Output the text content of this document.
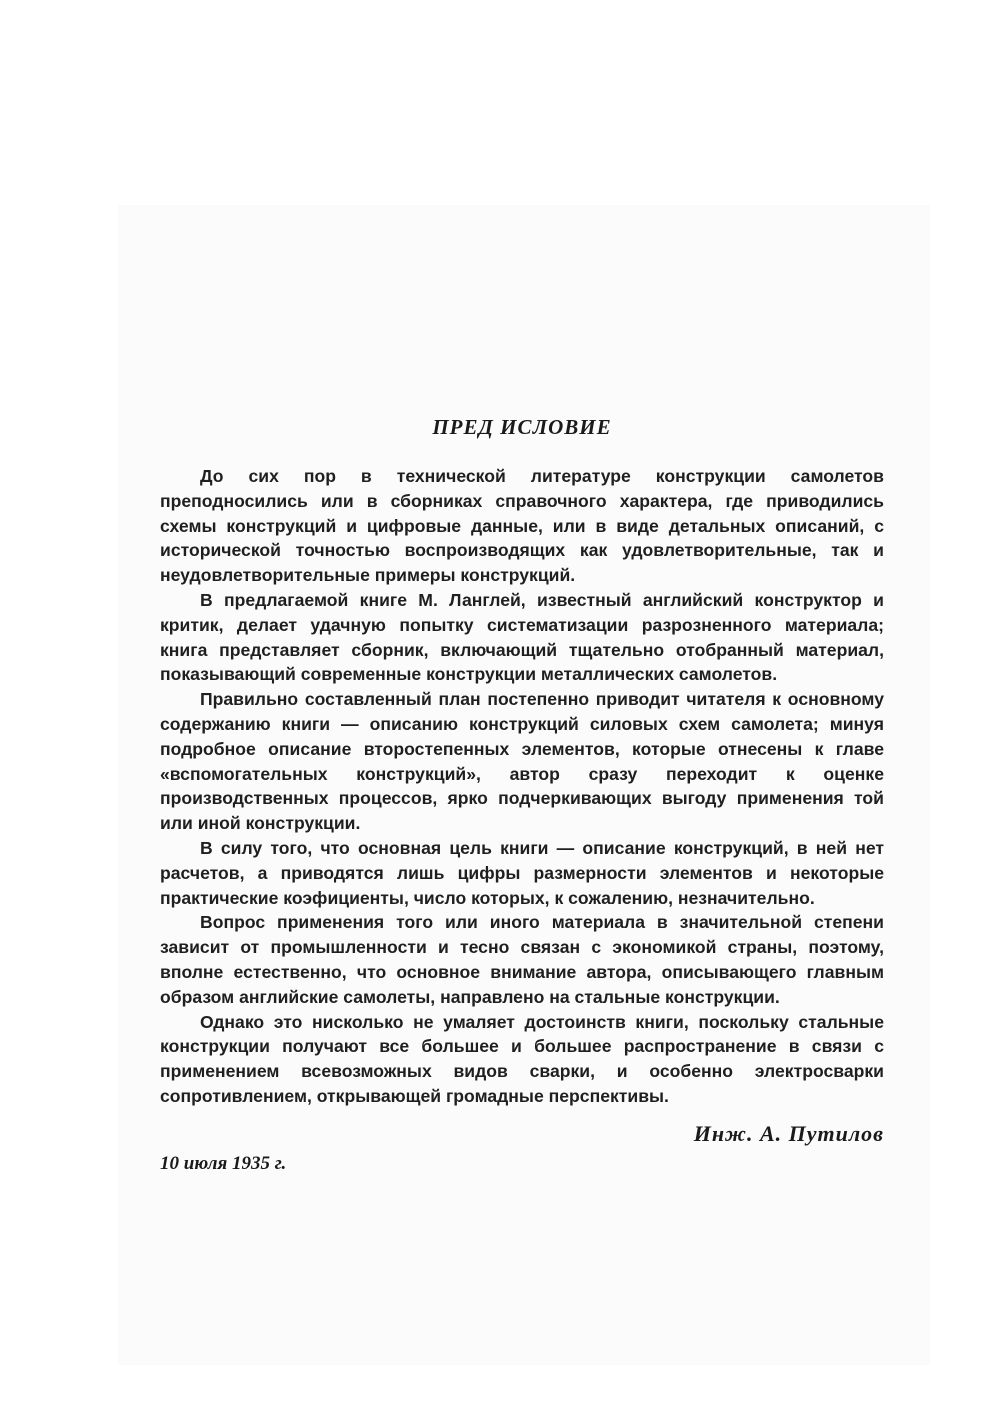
ПРЕД ИСЛОВИЕ

До сих пор в технической литературе конструкции самолетов преподносились или в сборниках справочного характера, где приводились схемы конструкций и цифровые данные, или в виде детальных описаний, с исторической точностью воспроизводящих как удовлетворительные, так и неудовлетворительные примеры конструкций.

В предлагаемой книге М. Ланглей, известный английский конструктор и критик, делает удачную попытку систематизации разрозненного материала; книга представляет сборник, включающий тщательно отобранный материал, показывающий современные конструкции металлических самолетов.

Правильно составленный план постепенно приводит читателя к основному содержанию книги — описанию конструкций силовых схем самолета; минуя подробное описание второстепенных элементов, которые отнесены к главе «вспомогательных конструкций», автор сразу переходит к оценке производственных процессов, ярко подчеркивающих выгоду применения той или иной конструкции.

В силу того, что основная цель книги — описание конструкций, в ней нет расчетов, а приводятся лишь цифры размерности элементов и некоторые практические коэфициенты, число которых, к сожалению, незначительно.

Вопрос применения того или иного материала в значительной степени зависит от промышленности и тесно связан с экономикой страны, поэтому, вполне естественно, что основное внимание автора, описывающего главным образом английские самолеты, направлено на стальные конструкции.

Однако это нисколько не умаляет достоинств книги, поскольку стальные конструкции получают все большее и большее распространение в связи с применением всевозможных видов сварки, и особенно электросварки сопротивлением, открывающей громадные перспективы.

Инж. А. Путилов
10 июля 1935 г.
